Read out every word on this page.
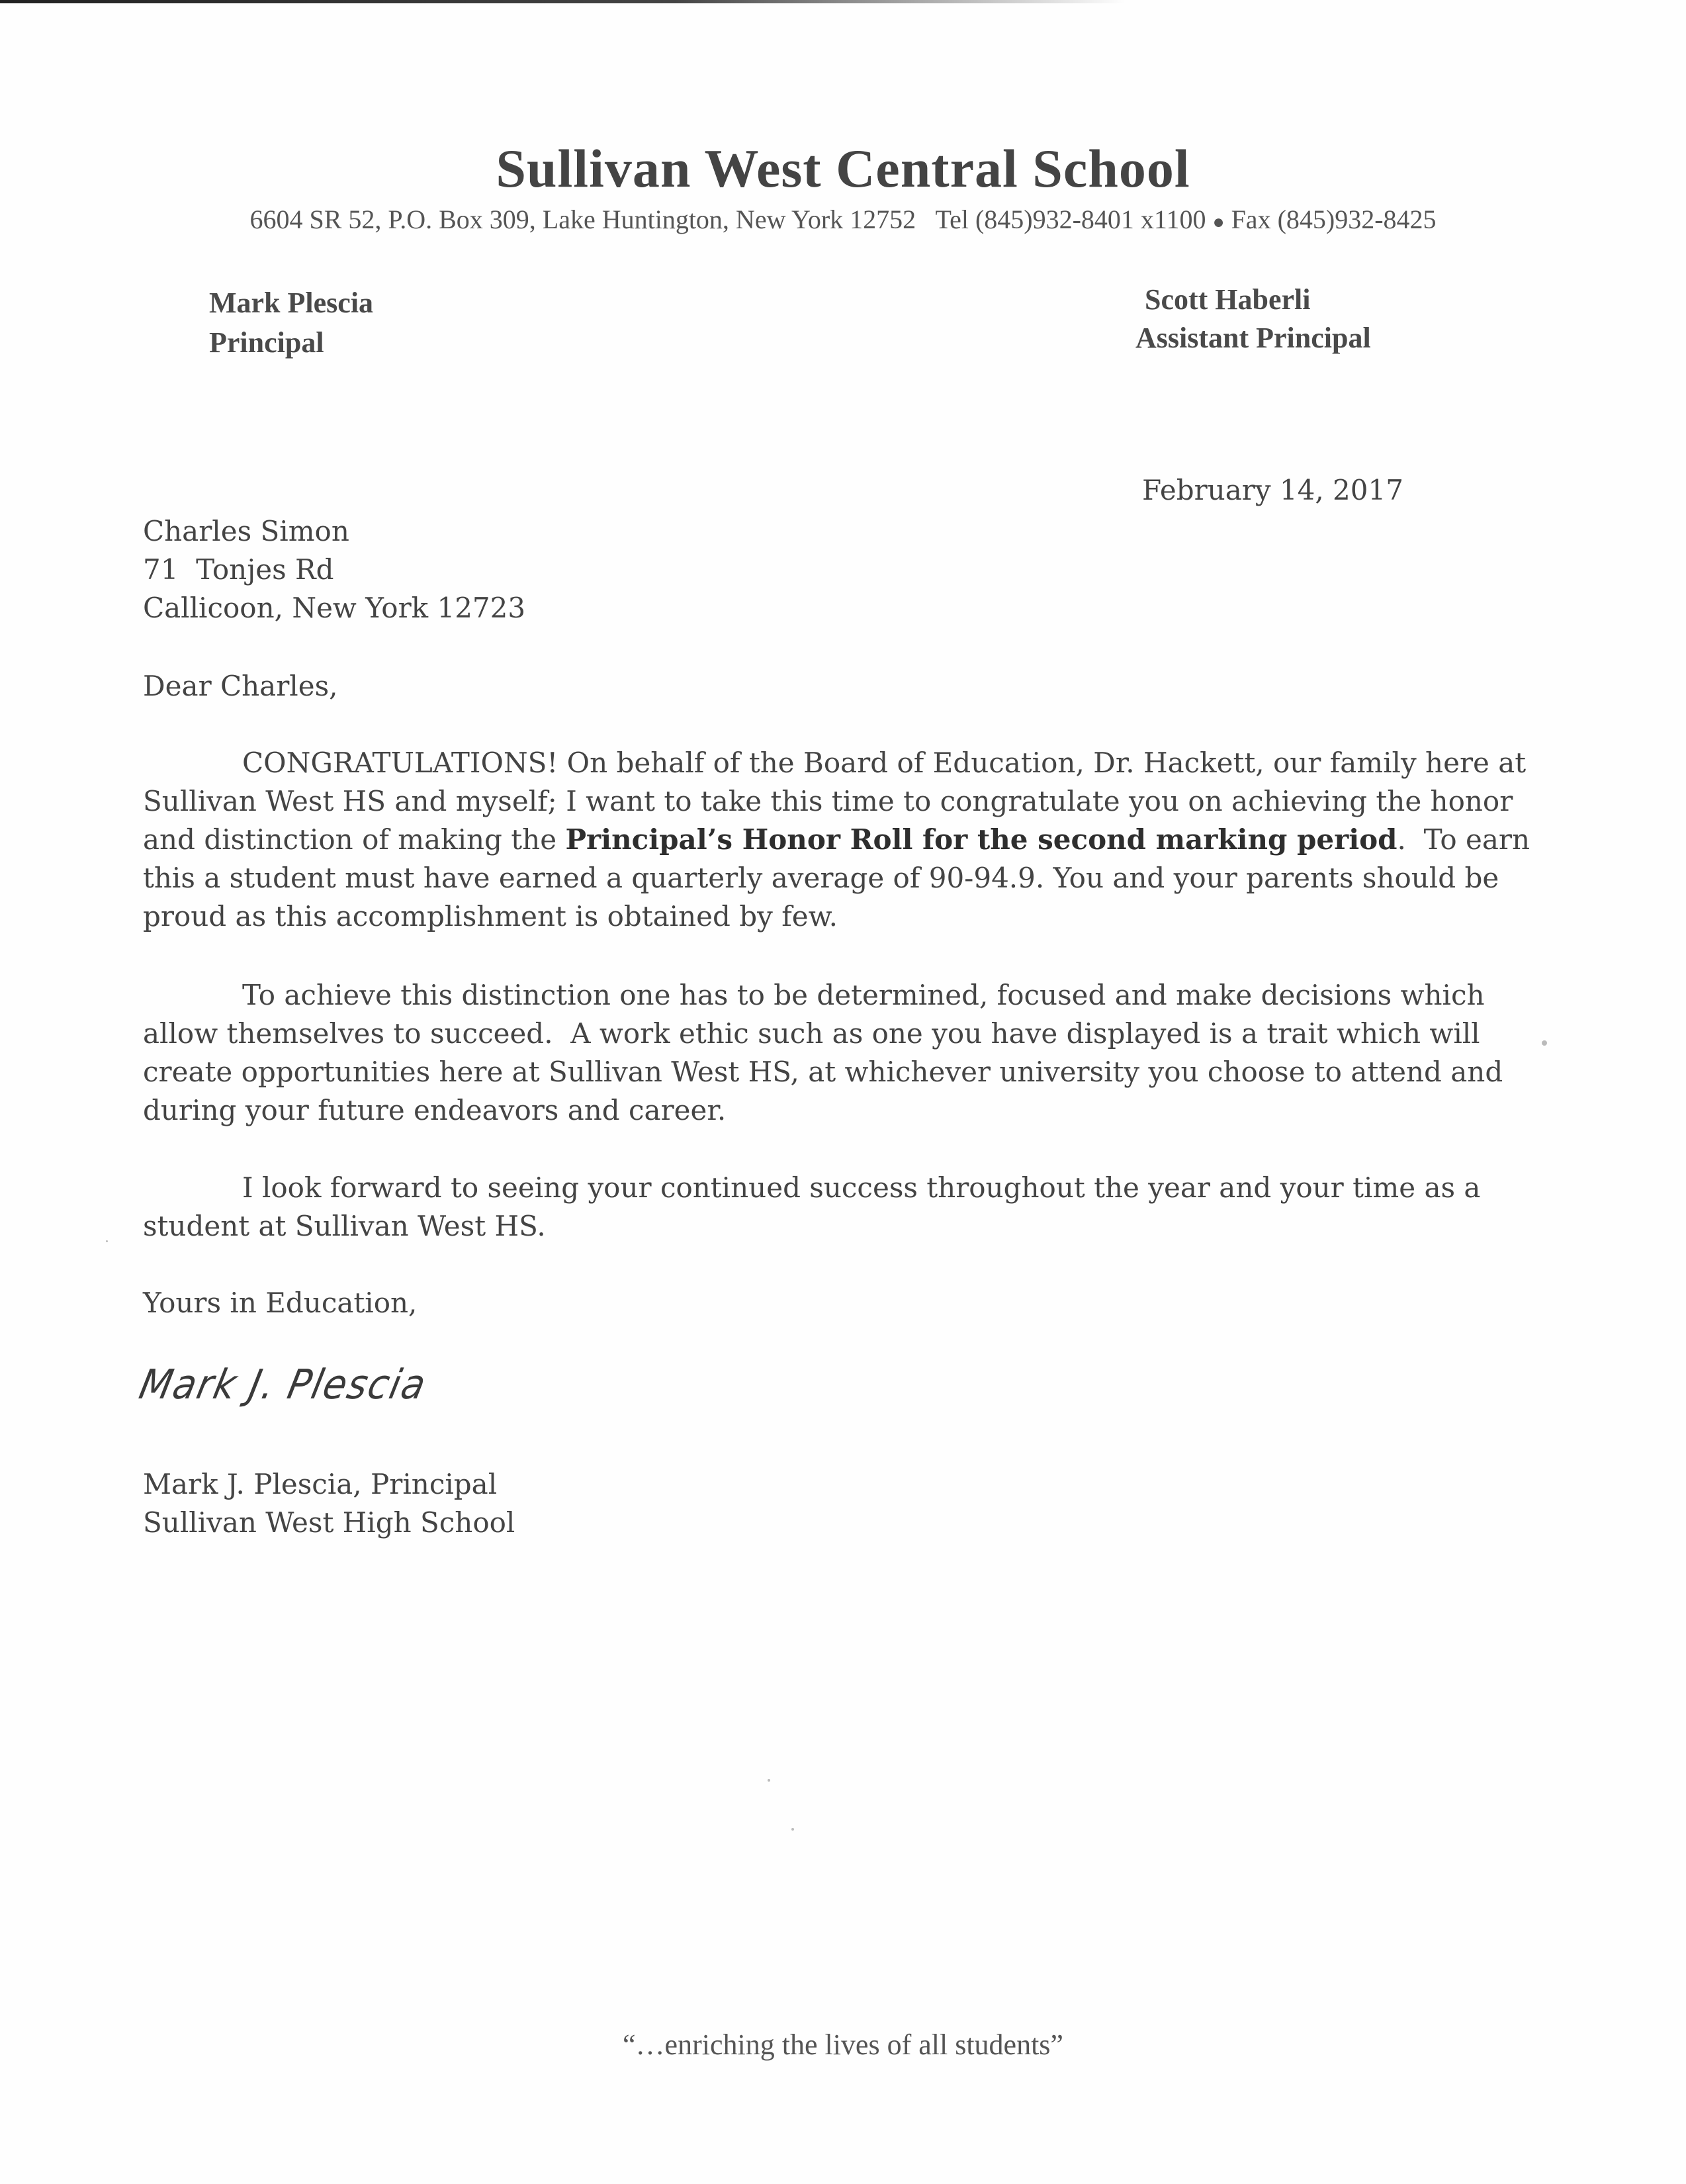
Sullivan West Central School
6604 SR 52, P.O. Box 309, Lake Huntington, New York 12752 Tel (845)932-8401 x1100 ● Fax (845)932-8425
Mark Plescia
Principal
Scott Haberli
Assistant Principal
February 14, 2017
Charles Simon
71  Tonjes Rd
Callicoon, New York 12723
Dear Charles,
CONGRATULATIONS! On behalf of the Board of Education, Dr. Hackett, our family here at
Sullivan West HS and myself; I want to take this time to congratulate you on achieving the honor
and distinction of making the Principal’s Honor Roll for the second marking period.  To earn
this a student must have earned a quarterly average of 90-94.9. You and your parents should be
proud as this accomplishment is obtained by few.
To achieve this distinction one has to be determined, focused and make decisions which
allow themselves to succeed.  A work ethic such as one you have displayed is a trait which will
create opportunities here at Sullivan West HS, at whichever university you choose to attend and
during your future endeavors and career.
I look forward to seeing your continued success throughout the year and your time as a
student at Sullivan West HS.
Yours in Education,
Mark J. Plescia
Mark J. Plescia, Principal
Sullivan West High School
“…enriching the lives of all students”
